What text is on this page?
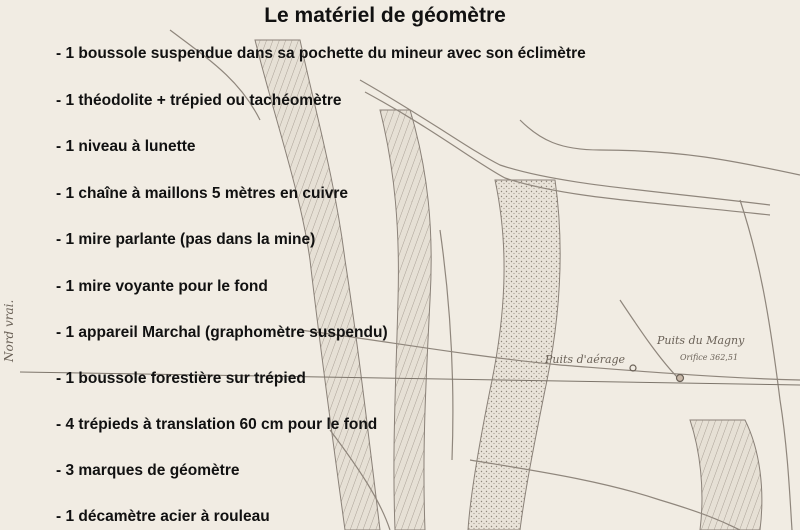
Puits d'aérage
Puits du Magny
Orifice 362,51
Nord vrai.
Le matériel de géomètre
- 1 boussole suspendue dans sa pochette du mineur avec son éclimètre
- 1 théodolite + trépied ou tachéomètre
- 1 niveau à lunette
- 1 chaîne à maillons 5 mètres en cuivre
- 1 mire parlante (pas dans la mine)
- 1 mire voyante pour le fond
- 1 appareil Marchal (graphomètre suspendu)
- 1 boussole forestière sur trépied
- 4 trépieds à translation 60 cm pour le fond
- 3 marques de géomètre
- 1 décamètre acier à rouleau
